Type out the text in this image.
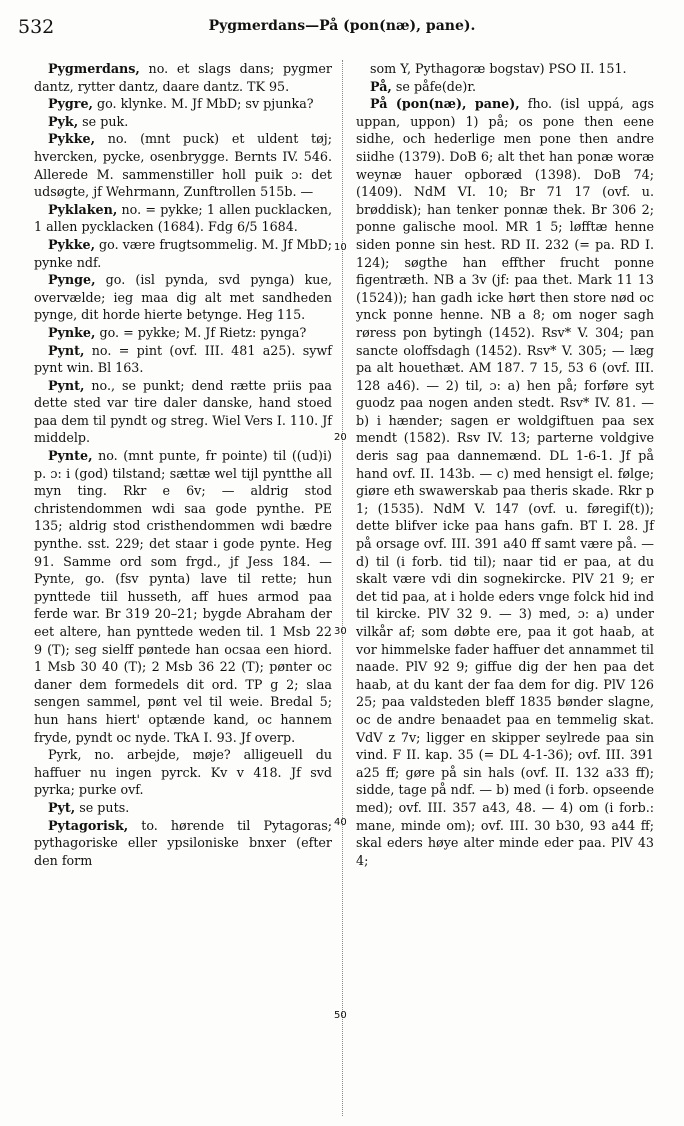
532	Pygmerdans—På (pon(næ), pane).
10
20
30
40
50

Pygmerdans, no. et slags dans; pygmer dantz, rytter dantz, daare dantz. TK 95.

Pygre, go. klynke. M. Jf MbD; sv pjunka?

Pyk, se puk.

Pykke, no. (mnt puck) et uldent tøj; hvercken, pycke, osenbrygge. Bernts IV. 546. Allerede M. sammenstiller holl puik ɔ: det udsøgte, jf Wehrmann, Zunftrollen 515b. —

Pyklaken, no. = pykke; 1 allen pucklacken, 1 allen pycklacken (1684). Fdg 6/5 1684.

Pykke, go. være frugtsommelig. M. Jf MbD; pynke ndf.

Pynge, go. (isl pynda, svd pynga) kue, overvælde; ieg maa dig alt met sandheden pynge, dit horde hierte betynge. Heg 115.

Pynke, go. = pykke; M. Jf Rietz: pynga?

Pynt, no. = pint (ovf. III. 481 a25). sywf pynt win. Bl 163.

Pynt, no., se punkt; dend rætte priis paa dette sted var tire daler danske, hand stoed paa dem til pyndt og streg. Wiel Vers I. 110. Jf middelp.

Pynte, no. (mnt punte, fr pointe) til ((ud)i) p. ɔ: i (god) tilstand; sættæ wel tijl pyntthe all myn ting. Rkr e 6v; — aldrig stod christendommen wdi saa gode pynthe. PE 135; aldrig stod cristhendommen wdi bædre pynthe. sst. 229; det staar i gode pynte. Heg 91. Samme ord som frgd., jf Jess 184. — Pynte, go. (fsv pynta) lave til rette; hun pynttede tiil husseth, aff hues armod paa ferde war. Br 319 20–21; bygde Abraham der eet altere, han pynttede weden til. 1 Msb 22 9 (T); seg sielff pøntede han ocsaa een hiord. 1 Msb 30 40 (T); 2 Msb 36 22 (T); pønter oc daner dem formedels dit ord. TP g 2; slaa sengen sammel, pønt vel til weie. Bredal 5; hun hans hiert' optænde kand, oc hannem fryde, pyndt oc nyde. TkA I. 93. Jf overp.

Pyrk, no. arbejde, møje? alligeuell du haffuer nu ingen pyrck. Kv v 418. Jf svd pyrka; purke ovf.

Pyt, se puts.

Pytagorisk, to. hørende til Pytagoras; pythagoriske eller ypsiloniske bnxer (efter den form

som Y, Pythagoræ bogstav) PSO II. 151.

På, se påfe(de)r.

På (pon(næ), pane), fho. (isl uppá, ags uppan, uppon) 1) på; os pone then eene sidhe, och hederlige men pone then andre siidhe (1379). DoB 6; alt thet han ponæ woræ weynæ hauer opboræd (1398). DoB 74; (1409). NdM VI. 10; Br 71 17 (ovf. u. brøddisk); han tenker ponnæ thek. Br 306 2; ponne galische mool. MR 1 5; løfftæ henne siden ponne sin hest. RD II. 232 (= pa. RD I. 124); søgthe han effther frucht ponne figentræth. NB a 3v (jf: paa thet. Mark 11 13 (1524)); han gadh icke hørt then store nød oc ynck ponne henne. NB a 8; om noger sagh røress pon bytingh (1452). Rsv* V. 304; pan sancte oloffsdagh (1452). Rsv* V. 305; — læg pa alt houethæt. AM 187. 7 15, 53 6 (ovf. III. 128 a46). — 2) til, ɔ: a) hen på; forføre syt guodz paa nogen anden stedt. Rsv* IV. 81. — b) i hænder; sagen er woldgiftuen paa sex mendt (1582). Rsv IV. 13; parterne voldgive deris sag paa dannemænd. DL 1-6-1. Jf på hand ovf. II. 143b. — c) med hensigt el. følge; giøre eth swawerskab paa theris skade. Rkr p 1; (1535). NdM V. 147 (ovf. u. føregif(t)); dette blifver icke paa hans gafn. BT I. 28. Jf på orsage ovf. III. 391 a40 ff samt være på. — d) til (i forb. tid til); naar tid er paa, at du skalt være vdi din sognekircke. PlV 21 9; er det tid paa, at i holde eders vnge folck hid ind til kircke. PlV 32 9. — 3) med, ɔ: a) under vilkår af; som døbte ere, paa it got haab, at vor himmelske fader haffuer det annammet til naade. PlV 92 9; giffue dig der hen paa det haab, at du kant der faa dem for dig. PlV 126 25; paa valdsteden bleff 1835 bønder slagne, oc de andre benaadet paa en temmelig skat. VdV z 7v; ligger en skipper seylrede paa sin vind. F II. kap. 35 (= DL 4-1-36); ovf. III. 391 a25 ff; gøre på sin hals (ovf. II. 132 a33 ff); sidde, tage på ndf. — b) med (i forb. opseende med); ovf. III. 357 a43, 48. — 4) om (i forb.: mane, minde om); ovf. III. 30 b30, 93 a44 ff; skal eders høye alter minde eder paa. PlV 43 4;
